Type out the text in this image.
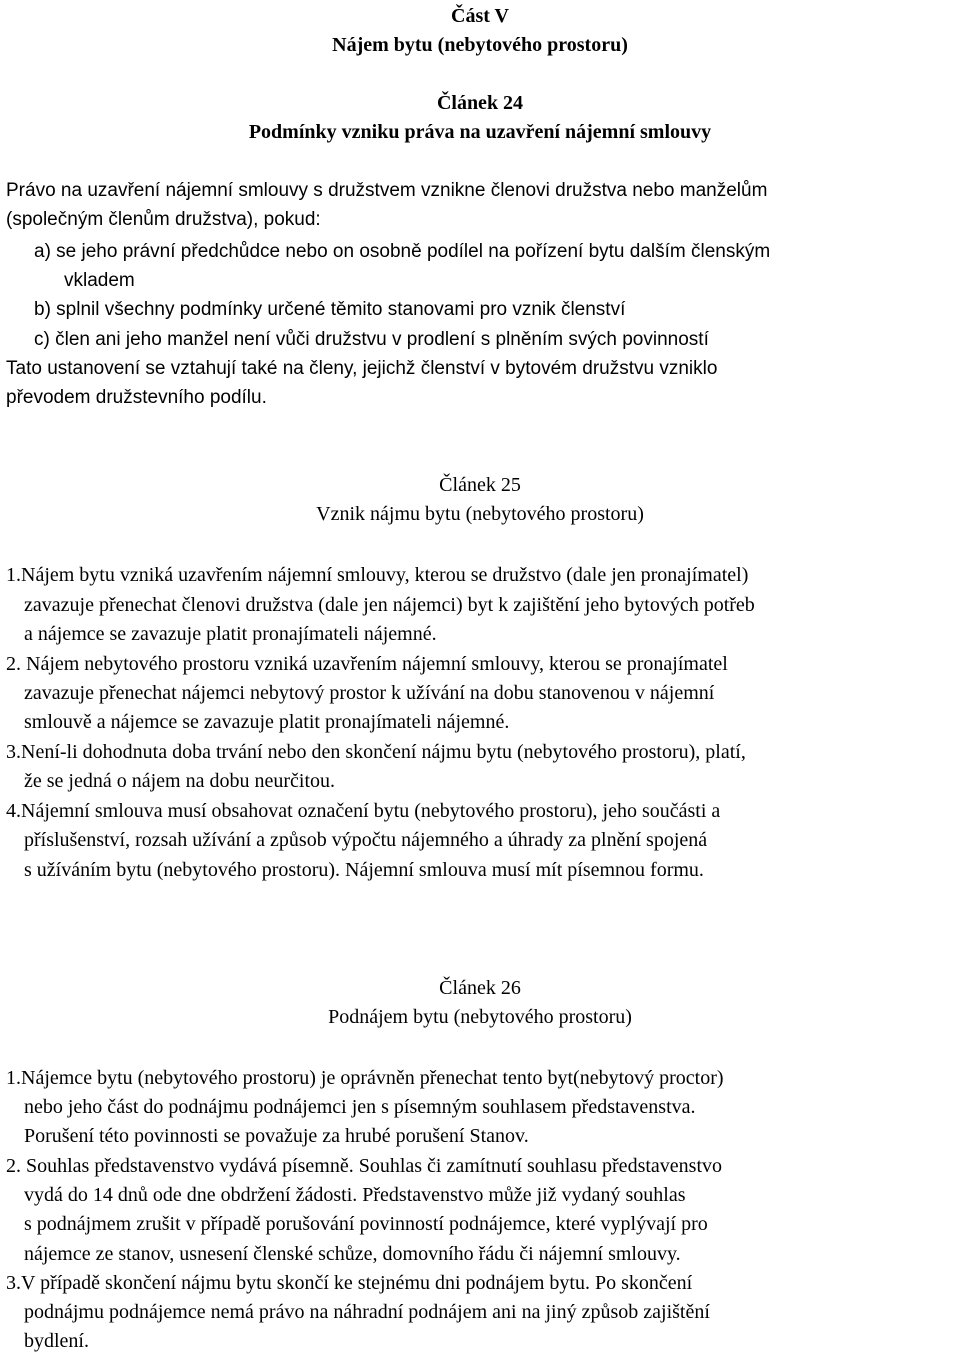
Část V
Nájem bytu (nebytového prostoru)
Článek 24
Podmínky vzniku práva na uzavření nájemní smlouvy
Právo na uzavření nájemní smlouvy s družstvem vznikne členovi družstva nebo manželům
(společným členům družstva), pokud:
a) se jeho právní předchůdce nebo on osobně podílel na pořízení bytu dalším členským
vkladem
b) splnil všechny podmínky určené těmito stanovami pro vznik členství
c) člen ani jeho manžel není vůči družstvu v prodlení s plněním svých povinností
Tato ustanovení se vztahují také na členy, jejichž členství v bytovém družstvu vzniklo
převodem družstevního podílu.
Článek 25
Vznik nájmu bytu (nebytového prostoru)
1.Nájem bytu vzniká uzavřením nájemní smlouvy, kterou se družstvo (dale jen pronajímatel)
zavazuje přenechat členovi družstva (dale jen nájemci) byt k zajištění jeho bytových potřeb
a nájemce se zavazuje platit pronajímateli nájemné.
2. Nájem nebytového prostoru vzniká uzavřením nájemní smlouvy, kterou se pronajímatel
zavazuje přenechat nájemci nebytový prostor k užívání na dobu stanovenou v nájemní
smlouvě a nájemce se zavazuje platit pronajímateli nájemné.
3.Není-li dohodnuta doba trvání nebo den skončení nájmu bytu (nebytového prostoru), platí,
že se jedná o nájem na dobu neurčitou.
4.Nájemní smlouva musí obsahovat označení bytu (nebytového prostoru), jeho součásti a
příslušenství, rozsah užívání a způsob výpočtu nájemného a úhrady za plnění spojená
s užíváním bytu (nebytového prostoru). Nájemní smlouva musí mít písemnou formu.
Článek 26
Podnájem bytu (nebytového prostoru)
1.Nájemce bytu (nebytového prostoru) je oprávněn přenechat tento byt(nebytový proctor)
nebo jeho část do podnájmu podnájemci jen s písemným souhlasem představenstva.
Porušení této povinnosti se považuje za hrubé porušení Stanov.
2. Souhlas představenstvo vydává písemně. Souhlas či zamítnutí souhlasu představenstvo
vydá do 14 dnů ode dne obdržení žádosti. Představenstvo může již vydaný souhlas
s podnájmem zrušit v případě porušování povinností podnájemce, které vyplývají pro
nájemce ze stanov, usnesení členské schůze, domovního řádu či nájemní smlouvy.
3.V případě skončení nájmu bytu skončí ke stejnému dni podnájem bytu. Po skončení
podnájmu podnájemce nemá právo na náhradní podnájem ani na jiný způsob zajištění
bydlení.
